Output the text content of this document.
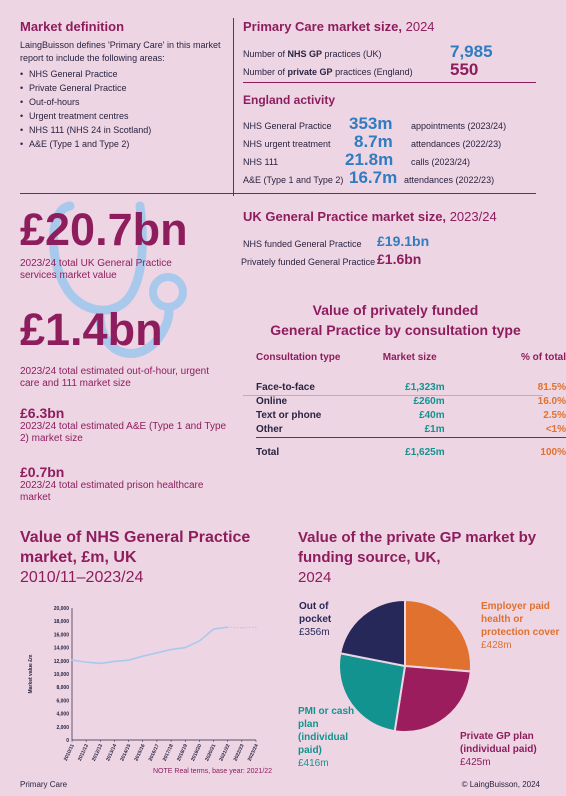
Market definition
LaingBuisson defines 'Primary Care' in this market report to include the following areas:
• NHS General Practice
• Private General Practice
• Out-of-hours
• Urgent treatment centres
• NHS 111 (NHS 24 in Scotland)
• A&E (Type 1 and Type 2)
Primary Care market size, 2024
Number of NHS GP practices (UK)	7,985
Number of private GP practices (England) 550
England activity
NHS General Practice 353m appointments (2023/24)
NHS urgent treatment 8.7m attendances (2022/23)
NHS 111	21.8m calls (2023/24)
A&E (Type 1 and Type 2) 16.7m attendances (2022/23)
£20.7bn
2023/24 total UK General Practice services market value
£1.4bn
2023/24 total estimated out-of-hour, urgent care and 111 market size
£6.3bn
2023/24 total estimated A&E (Type 1 and Type 2) market size
£0.7bn
2023/24 total estimated prison healthcare market
UK General Practice market size, 2023/24
NHS funded General Practice £19.1bn
Privately funded General Practice £1.6bn
Value of privately funded
General Practice by consultation type
Consultation type	Market size	% of total
Face-to-face	£1,323m	81.5%
Online	£260m	16.0%
Text or phone	£40m	2.5%
Other	£1m	<1%
Total	£1,625m	100%
Value of NHS General Practice
market, £m, UK
2010/11–2023/24
0
2,000
4,000
6,000
8,000
10,000
12,000
14,000
16,000
18,000
20,000
2010/11 2011/12 2012/13 2013/14 2014/15 2015/16 2016/17 2017/18 2018/19 2019/20 2020/21 2021/22 2022/23 2023/24
Market value £m
NOTE Real terms, base year: 2021/22
Value of the private GP market by
funding source, UK,
2024
Out of pocket
£356m
Employer paid health or protection cover
£428m
PMI or cash plan (individual paid)
£416m
Private GP plan (individual paid)
£425m
Primary Care	© LaingBuisson, 2024
